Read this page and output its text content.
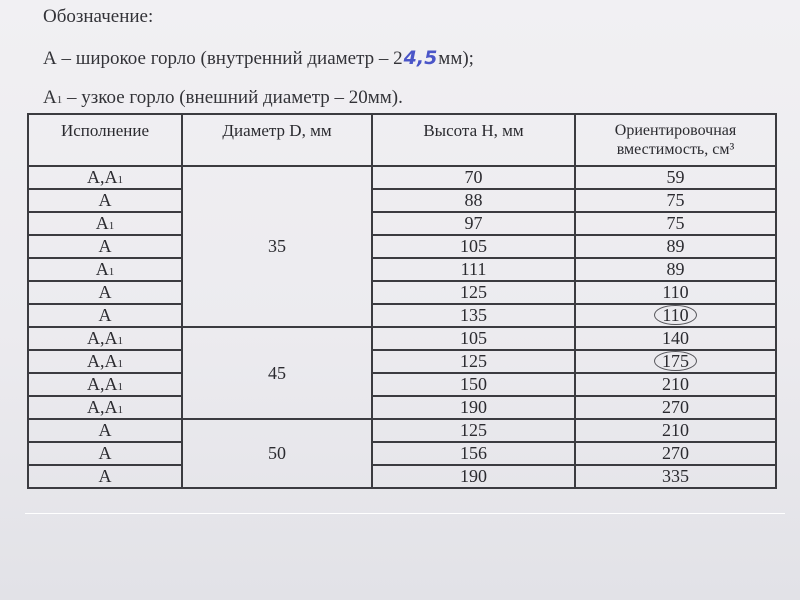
Обозначение:
А – широкое горло (внутренний диаметр – 24,5мм);
А1 – узкое горло (внешний диаметр – 20мм).
Исполнение	Диаметр D, мм	Высота Н, мм	Ориентировочная
вместимость, см³

А,А1	35	70	59
А		88	75
А1		97	75
А		105	89
А1		111	89
А		125	110
А		135	110
А,А1	45	105	140
А,А1		125	175
А,А1		150	210
А,А1		190	270
А	50	125	210
А		156	270
А		190	335
